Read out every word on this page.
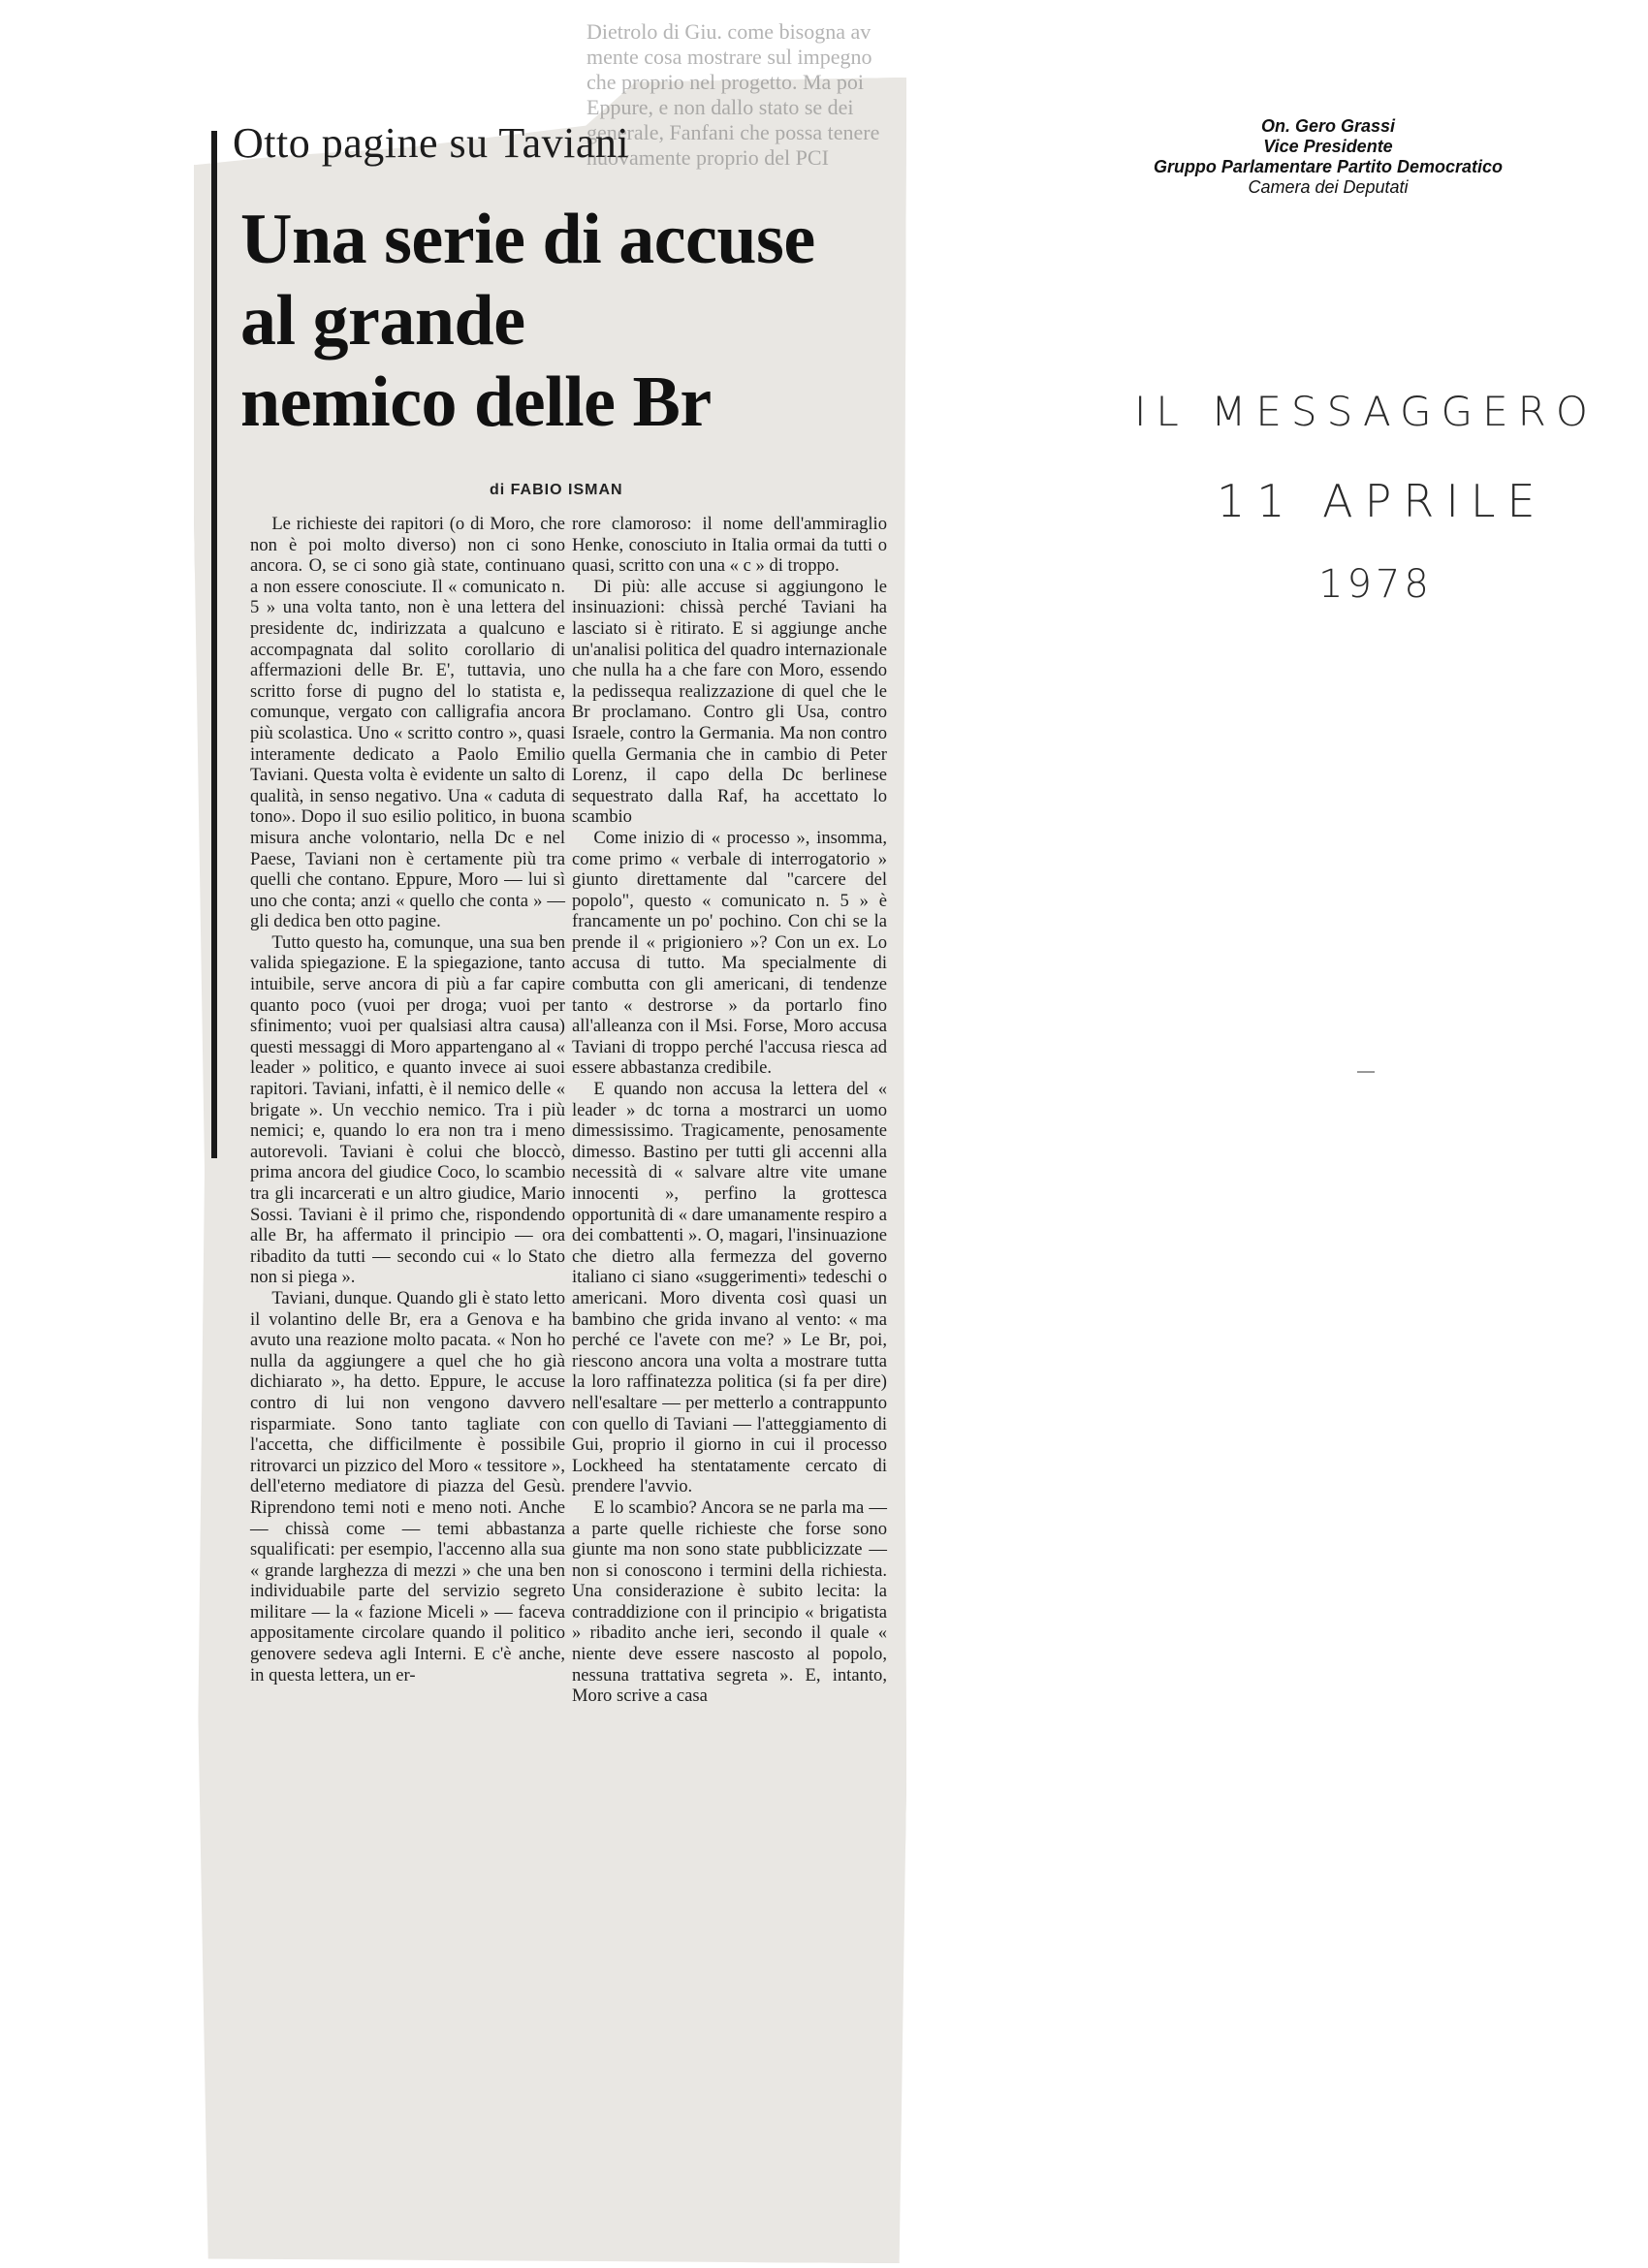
Dietrolo di Giu. come bisogna av mente cosa mostrare sul impegno che proprio nel progetto. Ma poi Eppure, e non dallo stato se dei generale, Fanfani che possa tenere nuovamente proprio del PCI
Otto pagine su Taviani
Una serie di accuse
al grande
nemico delle Br
di FABIO ISMAN

Le richieste dei rapitori (o di Moro, che non è poi molto diverso) non ci sono ancora. O, se ci sono già state, continuano a non essere conosciute. Il « comunicato n. 5 » una volta tanto, non è una lettera del presidente dc, indirizzata a qualcuno e accompagnata dal solito corollario di affermazioni delle Br. E', tuttavia, uno scritto forse di pugno del lo statista e, comunque, vergato con calligrafia ancora più scolastica. Uno « scritto contro », quasi interamente dedicato a Paolo Emilio Taviani. Questa volta è evidente un salto di qualità, in senso negativo. Una « caduta di tono». Dopo il suo esilio politico, in buona misura anche volontario, nella Dc e nel Paese, Taviani non è certamente più tra quelli che contano. Eppure, Moro — lui sì uno che conta; anzi « quello che conta » — gli dedica ben otto pagine.

Tutto questo ha, comunque, una sua ben valida spiegazione. E la spiegazione, tanto intuibile, serve ancora di più a far capire quanto poco (vuoi per droga; vuoi per sfinimento; vuoi per qualsiasi altra causa) questi messaggi di Moro appartengano al « leader » politico, e quanto invece ai suoi rapitori. Taviani, infatti, è il nemico delle « brigate ». Un vecchio nemico. Tra i più nemici; e, quando lo era non tra i meno autorevoli. Taviani è colui che bloccò, prima ancora del giudice Coco, lo scambio tra gli incarcerati e un altro giudice, Mario Sossi. Taviani è il primo che, rispondendo alle Br, ha affermato il principio — ora ribadito da tutti — secondo cui « lo Stato non si piega ».

Taviani, dunque. Quando gli è stato letto il volantino delle Br, era a Genova e ha avuto una reazione molto pacata. « Non ho nulla da aggiungere a quel che ho già dichiarato », ha detto. Eppure, le accuse contro di lui non vengono davvero risparmiate. Sono tanto tagliate con l'accetta, che difficilmente è possibile ritrovarci un pizzico del Moro « tessitore », dell'eterno mediatore di piazza del Gesù. Riprendono temi noti e meno noti. Anche — chissà come — temi abbastanza squalificati: per esempio, l'accenno alla sua « grande larghezza di mezzi » che una ben individuabile parte del servizio segreto militare — la « fazione Miceli » — faceva appositamente circolare quando il politico genovere sedeva agli Interni. E c'è anche, in questa lettera, un er-

rore clamoroso: il nome dell'ammiraglio Henke, conosciuto in Italia ormai da tutti o quasi, scritto con una « c » di troppo.

Di più: alle accuse si aggiungono le insinuazioni: chissà perché Taviani ha lasciato si è ritirato. E si aggiunge anche un'analisi politica del quadro internazionale che nulla ha a che fare con Moro, essendo la pedissequa realizzazione di quel che le Br proclamano. Contro gli Usa, contro Israele, contro la Germania. Ma non contro quella Germania che in cambio di Peter Lorenz, il capo della Dc berlinese sequestrato dalla Raf, ha accettato lo scambio

Come inizio di « processo », insomma, come primo « verbale di interrogatorio » giunto direttamente dal "carcere del popolo", questo « comunicato n. 5 » è francamente un po' pochino. Con chi se la prende il « prigioniero »? Con un ex. Lo accusa di tutto. Ma specialmente di combutta con gli americani, di tendenze tanto « destrorse » da portarlo fino all'alleanza con il Msi. Forse, Moro accusa Taviani di troppo perché l'accusa riesca ad essere abbastanza credibile.

E quando non accusa la lettera del « leader » dc torna a mostrarci un uomo dimessissimo. Tragicamente, penosamente dimesso. Bastino per tutti gli accenni alla necessità di « salvare altre vite umane innocenti », perfino la grottesca opportunità di « dare umanamente respiro a dei combattenti ». O, magari, l'insinuazione che dietro alla fermezza del governo italiano ci siano «suggerimenti» tedeschi o americani. Moro diventa così quasi un bambino che grida invano al vento: « ma perché ce l'avete con me? » Le Br, poi, riescono ancora una volta a mostrare tutta la loro raffinatezza politica (si fa per dire) nell'esaltare — per metterlo a contrappunto con quello di Taviani — l'atteggiamento di Gui, proprio il giorno in cui il processo Lockheed ha stentatamente cercato di prendere l'avvio.

E lo scambio? Ancora se ne parla ma — a parte quelle richieste che forse sono giunte ma non sono state pubblicizzate — non si conoscono i termini della richiesta. Una considerazione è subito lecita: la contraddizione con il principio « brigatista » ribadito anche ieri, secondo il quale « niente deve essere nascosto al popolo, nessuna trattativa segreta ». E, intanto, Moro scrive a casa

On. Gero Grassi
Vice Presidente
Gruppo Parlamentare Partito Democratico
Camera dei Deputati
IL MESSAGGERO
11 APRILE
1978
